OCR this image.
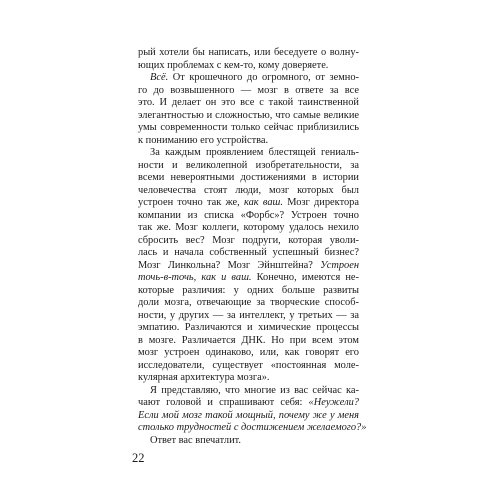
рый хотели бы написать, или беседуете о волну-
ющих проблемах с кем-то, кому доверяете.
Всё. От крошечного до огромного, от земно-
го до возвышенного — мозг в ответе за все
это. И делает он это все с такой таинственной
элегантностью и сложностью, что самые великие
умы современности только сейчас приблизились
к пониманию его устройства.
За каждым проявлением блестящей гениаль-
ности и великолепной изобретательности, за
всеми невероятными достижениями в истории
человечества стоят люди, мозг которых был
устроен точно так же, как ваш. Мозг директора
компании из списка «Форбс»? Устроен точно
так же. Мозг коллеги, которому удалось нехило
сбросить вес? Мозг подруги, которая уволи-
лась и начала собственный успешный бизнес?
Мозг Линкольна? Мозг Эйнштейна? Устроен
точь-в-точь, как и ваш. Конечно, имеются не-
которые различия: у одних больше развиты
доли мозга, отвечающие за творческие способ-
ности, у других — за интеллект, у третьих — за
эмпатию. Различаются и химические процессы
в мозге. Различается ДНК. Но при всем этом
мозг устроен одинаково, или, как говорят его
исследователи, существует «постоянная моле-
кулярная архитектура мозга».
Я представляю, что многие из вас сейчас ка-
чают головой и спрашивают себя: «Неужели?
Если мой мозг такой мощный, почему же у меня
столько трудностей с достижением желаемого?»
Ответ вас впечатлит.
22
